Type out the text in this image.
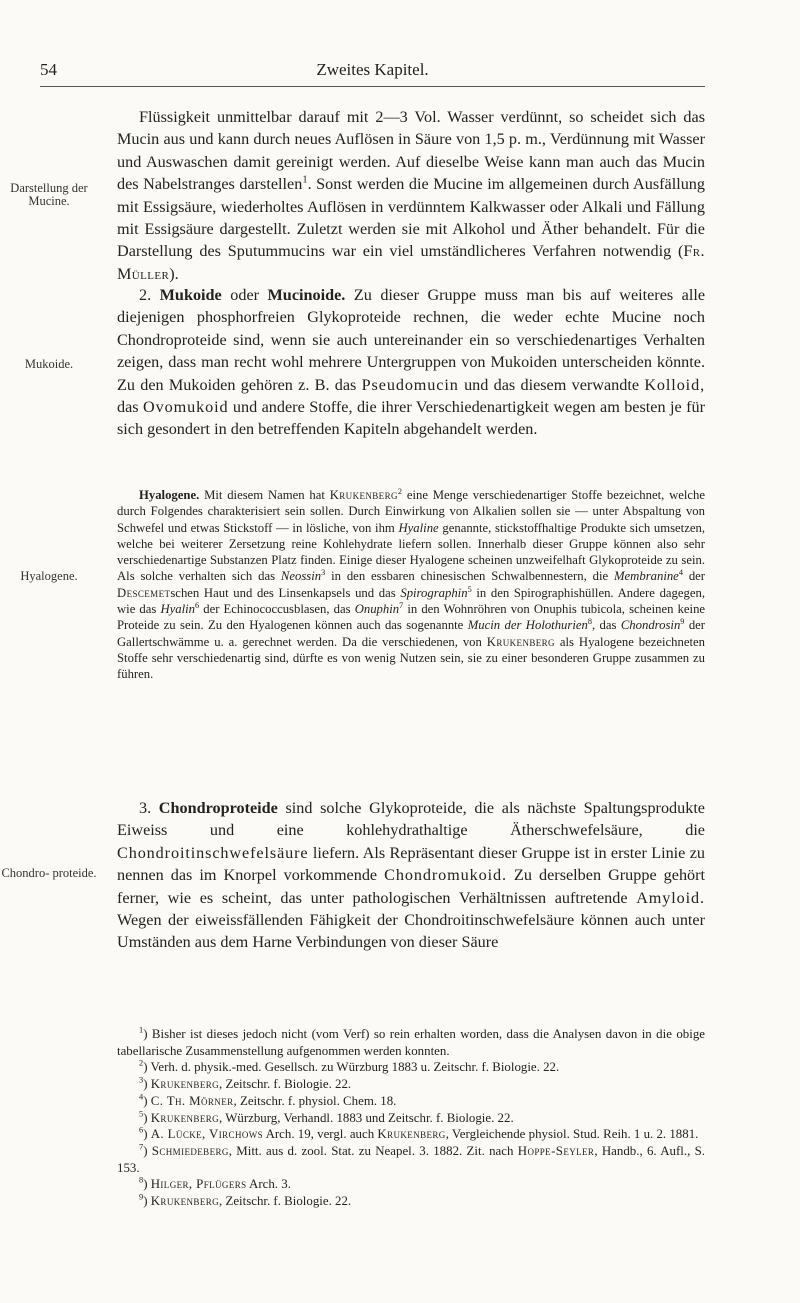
54	Zweites Kapitel.
Darstellung der Mucine.
Mukoide.
Hyalogene.
Chondro- proteide.

Flüssigkeit unmittelbar darauf mit 2—3 Vol. Wasser verdünnt, so scheidet sich das Mucin aus und kann durch neues Auflösen in Säure von 1,5 p. m., Verdünnung mit Wasser und Auswaschen damit gereinigt werden. Auf dieselbe Weise kann man auch das Mucin des Nabelstranges darstellen$^1$. Sonst werden die Mucine im allgemeinen durch Ausfällung mit Essigsäure, wiederholtes Auflösen in verdünntem Kalkwasser oder Alkali und Fällung mit Essigsäure dargestellt. Zuletzt werden sie mit Alkohol und Äther behandelt. Für die Darstellung des Sputummucins war ein viel umständlicheres Verfahren notwendig (Fr. Müller).

2. Mukoide oder Mucinoide. Zu dieser Gruppe muss man bis auf weiteres alle diejenigen phosphorfreien Glykoproteide rechnen, die weder echte Mucine noch Chondroproteide sind, wenn sie auch untereinander ein so verschiedenartiges Verhalten zeigen, dass man recht wohl mehrere Untergruppen von Mukoiden unterscheiden könnte. Zu den Mukoiden gehören z. B. das Pseudomucin und das diesem verwandte Kolloid, das Ovomukoid und andere Stoffe, die ihrer Verschiedenartigkeit wegen am besten je für sich gesondert in den betreffenden Kapiteln abgehandelt werden.

Hyalogene. Mit diesem Namen hat Krukenberg$^2$ eine Menge verschiedenartiger Stoffe bezeichnet, welche durch Folgendes charakterisiert sein sollen. Durch Einwirkung von Alkalien sollen sie — unter Abspaltung von Schwefel und etwas Stickstoff — in lösliche, von ihm Hyaline genannte, stickstoffhaltige Produkte sich umsetzen, welche bei weiterer Zersetzung reine Kohlehydrate liefern sollen. Innerhalb dieser Gruppe können also sehr verschiedenartige Substanzen Platz finden. Einige dieser Hyalogene scheinen unzweifelhaft Glykoproteide zu sein. Als solche verhalten sich das Neossin$^3$ in den essbaren chinesischen Schwalbennestern, die Membranine$^4$ der Descemetschen Haut und des Linsenkapsels und das Spirographin$^5$ in den Spirographishüllen. Andere dagegen, wie das Hyalin$^6$ der Echinococcusblasen, das Onuphin$^7$ in den Wohnröhren von Onuphis tubicola, scheinen keine Proteide zu sein. Zu den Hyalogenen können auch das sogenannte Mucin der Holothurien$^8$, das Chondrosin$^9$ der Gallertschwämme u. a. gerechnet werden. Da die verschiedenen, von Krukenberg als Hyalogene bezeichneten Stoffe sehr verschiedenartig sind, dürfte es von wenig Nutzen sein, sie zu einer besonderen Gruppe zusammen zu führen.

3. Chondroproteide sind solche Glykoproteide, die als nächste Spaltungsprodukte Eiweiss und eine kohlehydrathaltige Ätherschwefelsäure, die Chondroitinschwefelsäure liefern. Als Repräsentant dieser Gruppe ist in erster Linie zu nennen das im Knorpel vorkommende Chondromukoid. Zu derselben Gruppe gehört ferner, wie es scheint, das unter pathologischen Verhältnissen auftretende Amyloid. Wegen der eiweissfällenden Fähigkeit der Chondroitinschwefelsäure können auch unter Umständen aus dem Harne Verbindungen von dieser Säure

$^1$) Bisher ist dieses jedoch nicht (vom Verf) so rein erhalten worden, dass die Analysen davon in die obige tabellarische Zusammenstellung aufgenommen werden konnten.

$^2$) Verh. d. physik.-med. Gesellsch. zu Würzburg 1883 u. Zeitschr. f. Biologie. 22.

$^3$) Krukenberg, Zeitschr. f. Biologie. 22.

$^4$) C. Th. Mörner, Zeitschr. f. physiol. Chem. 18.

$^5$) Krukenberg, Würzburg, Verhandl. 1883 und Zeitschr. f. Biologie. 22.

$^6$) A. Lücke, Virchows Arch. 19, vergl. auch Krukenberg, Vergleichende physiol. Stud. Reih. 1 u. 2. 1881.

$^7$) Schmiedeberg, Mitt. aus d. zool. Stat. zu Neapel. 3. 1882. Zit. nach Hoppe-Seyler, Handb., 6. Aufl., S. 153.

$^8$) Hilger, Pflügers Arch. 3.

$^9$) Krukenberg, Zeitschr. f. Biologie. 22.
